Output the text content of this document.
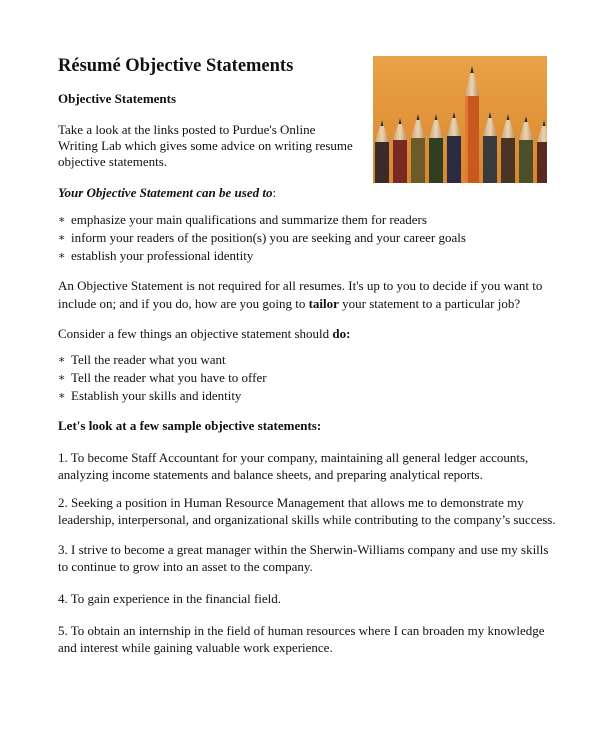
Résumé Objective Statements

Objective Statements

Take a look at the links posted to Purdue's Online Writing Lab which gives some advice on writing resume objective statements.

Your Objective Statement can be used to:

∗ emphasize your main qualifications and summarize them for readers
∗ inform your readers of the position(s) you are seeking and your career goals
∗ establish your professional identity

An Objective Statement is not required for all resumes. It's up to you to decide if you want to include on; and if you do, how are you going to tailor your statement to a particular job?

Consider a few things an objective statement should do:

∗ Tell the reader what you want
∗ Tell the reader what you have to offer
∗ Establish your skills and identity

Let's look at a few sample objective statements:

1. To become Staff Accountant for your company, maintaining all general ledger accounts, analyzing income statements and balance sheets, and preparing analytical reports.

2. Seeking a position in Human Resource Management that allows me to demonstrate my leadership, interpersonal, and organizational skills while contributing to the company’s success.

3. I strive to become a great manager within the Sherwin-Williams company and use my skills to continue to grow into an asset to the company.

4. To gain experience in the financial field.

5. To obtain an internship in the field of human resources where I can broaden my knowledge and interest while gaining valuable work experience.
